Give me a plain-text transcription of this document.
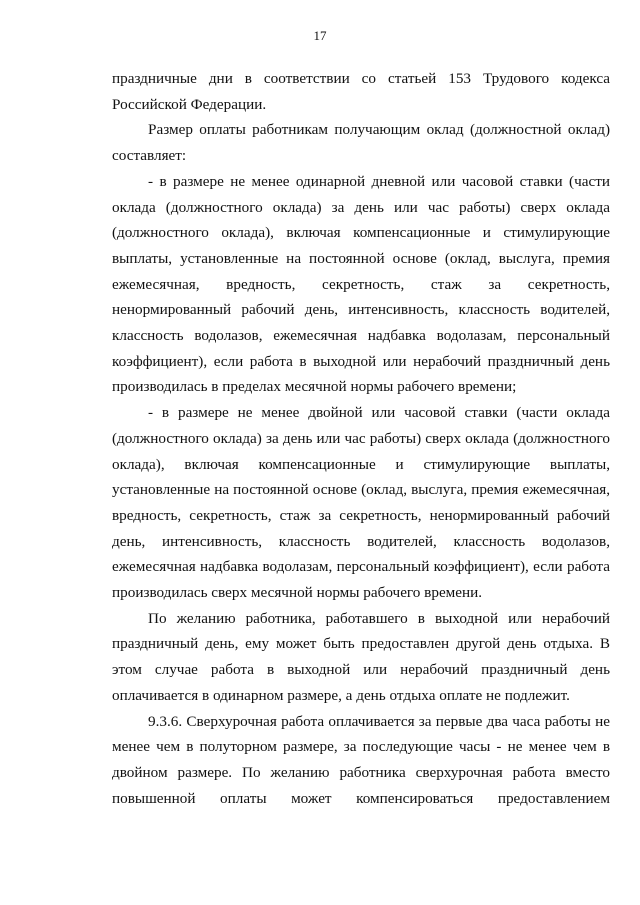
17

праздничные дни в соответствии со статьей 153 Трудового кодекса Российской Федерации.

Размер оплаты работникам получающим оклад (должностной оклад) составляет:

- в размере не менее одинарной дневной или часовой ставки (части оклада (должностного оклада) за день или час работы) сверх оклада (должностного оклада), включая компенсационные и стимулирующие выплаты, установленные на постоянной основе (оклад, выслуга, премия ежемесячная, вредность, секретность, стаж за секретность, ненормированный рабочий день, интенсивность, классность водителей, классность водолазов, ежемесячная надбавка водолазам, персональный коэффициент), если работа в выходной или нерабочий праздничный день производилась в пределах месячной нормы рабочего времени;

- в размере не менее двойной или часовой ставки (части оклада (должностного оклада) за день или час работы) сверх оклада (должностного оклада), включая компенсационные и стимулирующие выплаты, установленные на постоянной основе (оклад, выслуга, премия ежемесячная, вредность, секретность, стаж за секретность, ненормированный рабочий день, интенсивность, классность водителей, классность водолазов, ежемесячная надбавка водолазам, персональный коэффициент), если работа производилась сверх месячной нормы рабочего времени.

По желанию работника, работавшего в выходной или нерабочий праздничный день, ему может быть предоставлен другой день отдыха. В этом случае работа в выходной или нерабочий праздничный день оплачивается в одинарном размере, а день отдыха оплате не подлежит.

9.3.6. Сверхурочная работа оплачивается за первые два часа работы не менее чем в полуторном размере, за последующие часы - не менее чем в двойном размере. По желанию работника сверхурочная работа вместо повышенной оплаты может компенсироваться предоставлением
